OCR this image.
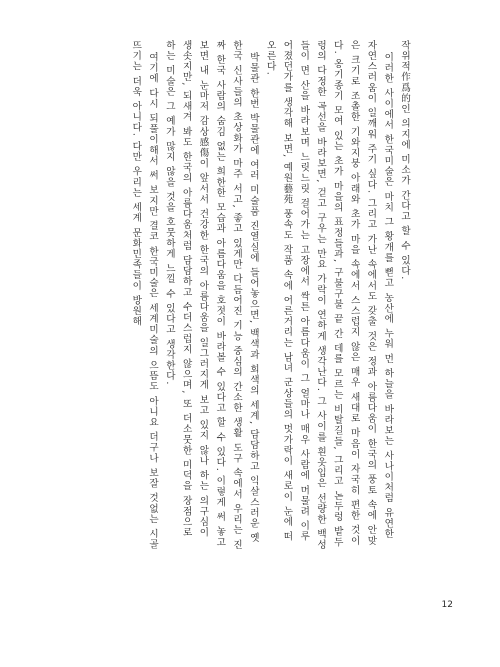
작위적作爲的인 의지에 미소가 간다고 할 수 있다.

이러한 사이에서 한국미술은 마치 그 황개를 뻗고 농산에 누워 먼 하늘을 바라보는 사나이처럼 유연한 자연스러움이 일깨워 주기 싶다. 그리고 가난 속에서도 갖출 것은 정과 아름다움이 한국의 풍토 속에 안맞은 크기로 조촐한 기와지붕 아래와 초가 마을 속에서 스스럽지 않은 매우 새대로 마음이 자국히 편한 것이다. 옹기종기 모여 있는 초가 마을의 표정들과, 구불구불 끝 간 데를 모르는 비탈길들, 그리고 논두렁 밭두렁의 다정한 곡선을 바라보면, 걷고 구우는 만요 가락이 연하게 생각난다. 그 사이를 흰옷입은 선량한 백성들이 면 산을 바라보며 느릿느릿 걸어가는 고장에서 싹튼 아름다움이 그 얼마나 매우 사람에 머물려 이루어졌던가를 생각해 보면, 예원藝苑 풍속도 작품 속에 어른거리는 남녀 군상들의 멋가락이 새로이 눈에 떠오른다.

박물관 한번 박물관에 여러 미술품 진열실에 들어놓으면, 백색과 회색의 세계, 담담하고 익살스러운 옛 한국 신사들의 초상화가 마주 서고, 좋고 있게만 다듬어진 기능 중심의 간소한 생활 도구 속에서 우리는 진짜 한국 사람의 숨김 없는 희한한 모습과 아름다움을 호젓이 바라볼 수 있다고 할 수 있다. 이렇게 써 놓고 보면 내 눈마저 감상感傷이 앞서서 건강한 한국의 아름다움을 일그러지게 보고 있지 않나 하는 의구심이 생솟지만, 되새겨 봐도 한국의 아름다움처럼 담담하고 수더스럽지 않으며, 또 더소뭇한 미덕을 장점으로 하는 미술은 그 예가 많지 않을 것을 호뭇하게 느낄 수 있다고 생각한다.

여기에 다시 되풀이해서 써 보지만 결코 한국미술은 세계미술의 으뜸도 아니요 더구나 보잘 것없는 시골뜨기는 더욱 아니다. 다만 우리는 세계 문화민족들이 방원해

12
